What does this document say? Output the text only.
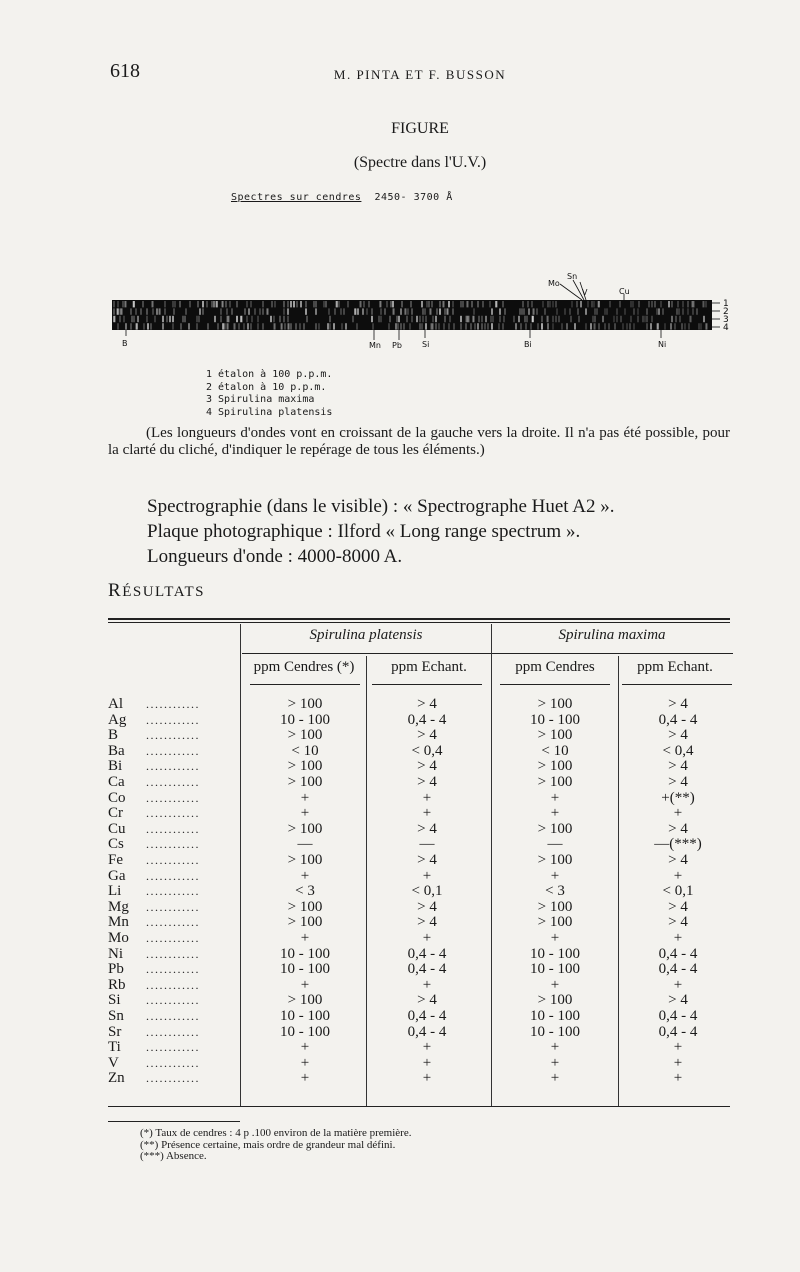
618	M. PINTA ET F. BUSSON
FIGURE
(Spectre dans l'U.V.)
Spectres sur cendres 2450- 3700 Å
Mo
Sn
V	Cu
B	Mn Pb	Si	Bi	Ni
1
2
3
4
1 étalon à 100 p.p.m.
2 étalon à 10 p.p.m.
3 Spirulina maxima
4 Spirulina platensis
(Les longueurs d'ondes vont en croissant de la gauche vers la droite. Il n'a pas été possible, pour la clarté du cliché, d'indiquer le repérage de tous les éléments.)
Spectrographie (dans le visible) : « Spectrographe Huet A2 ».
Plaque photographique : Ilford « Long range spectrum ».
Longueurs d'onde : 4000-8000 A.
RÉSULTATS
Spirulina platensis	Spirulina maxima
ppm Cendres (*)	ppm Echant.	ppm Cendres	ppm Echant.
Al ............	> 100	> 4	> 100	> 4
Ag ............	10 - 100	0,4 - 4	10 - 100	0,4 - 4
B ............	> 100	> 4	> 100	> 4
Ba ............	< 10	< 0,4	< 10	< 0,4
Bi ............	> 100	> 4	> 100	> 4
Ca ............	> 100	> 4	> 100	> 4
Co ............	+	+	+	+(**)
Cr ............	+	+	+	+
Cu ............	> 100	> 4	> 100	> 4
Cs ............	—	—	—	—(***)
Fe ............	> 100	> 4	> 100	> 4
Ga ............	+	+	+	+
Li ............	< 3	< 0,1	< 3	< 0,1
Mg ............	> 100	> 4	> 100	> 4
Mn ............	> 100	> 4	> 100	> 4
Mo ............	+	+	+	+
Ni ............	10 - 100	0,4 - 4	10 - 100	0,4 - 4
Pb ............	10 - 100	0,4 - 4	10 - 100	0,4 - 4
Rb ............	+	+	+	+
Si ............	> 100	> 4	> 100	> 4
Sn ............	10 - 100	0,4 - 4	10 - 100	0,4 - 4
Sr ............	10 - 100	0,4 - 4	10 - 100	0,4 - 4
Ti ............	+	+	+	+
V ............	+	+	+	+
Zn ............	+	+	+	+
(*) Taux de cendres : 4 p .100 environ de la matière première.
(**) Présence certaine, mais ordre de grandeur mal défini.
(***) Absence.
